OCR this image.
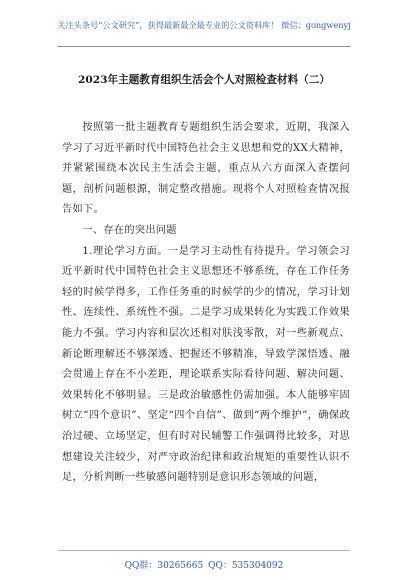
关注头条号“公文研究”，获得最新最全最专业的公文资料库！ 微信：gongwenyj
2023年主题教育组织生活会个人对照检查材料（二）

按照第一批主题教育专题组织生活会要求，近期，我深入学习了习近平新时代中国特色社会主义思想和党的XX大精神，并紧紧围绕本次民主生活会主题，重点从六方面深入查摆问题，剖析问题根源，制定整改措施。现将个人对照检查情况报告如下。

一、存在的突出问题

1.理论学习方面。一是学习主动性有待提升。学习领会习近平新时代中国特色社会主义思想还不够系统，存在工作任务轻的时候学得多，工作任务重的时候学的少的情况，学习计划性、连续性、系统性不强。二是学习成果转化为实践工作效果能力不强。学习内容和层次还相对肤浅零散，对一些新观点、新论断理解还不够深透、把握还不够精准，导致学深悟透、融会贯通上存在不小差距，理论联系实际看待问题、解决问题、效果转化不够明显。三是政治敏感性仍需加强。本人能够牢固树立“四个意识”、坚定“四个自信”、做到“两个维护”，确保政治过硬、立场坚定，但有时对民辅警工作强调得比较多，对思想建设关注较少，对严守政治纪律和政治规矩的重要性认识不足，分析判断一些敏感问题特别是意识形态领域的问题，

QQ群：30265665 QQ：535304092
